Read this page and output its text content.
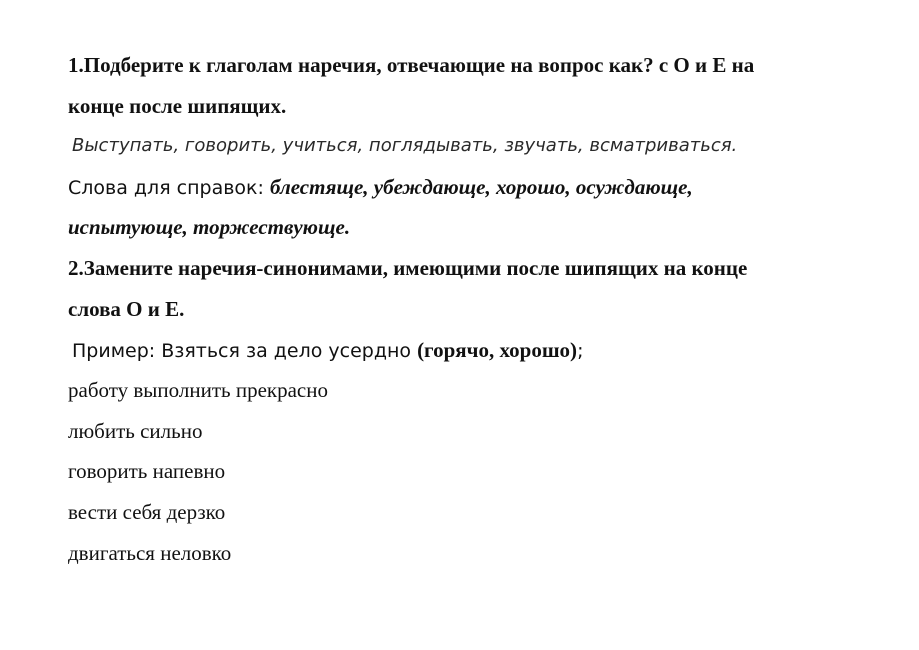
1.Подберите к глаголам наречия, отвечающие на вопрос как? с О и Е на
конце после шипящих.
Выступать, говорить, учиться, поглядывать, звучать, всматриваться.
Слова для справок: блестяще, убеждающе, хорошо, осуждающе,
испытующе, торжествующе.
2.Замените наречия-синонимами, имеющими после шипящих на конце
слова О и Е.
Пример: Взяться за дело усердно (горячо, хорошо);
работу выполнить прекрасно
любить сильно
говорить напевно
вести себя дерзко
двигаться неловко
